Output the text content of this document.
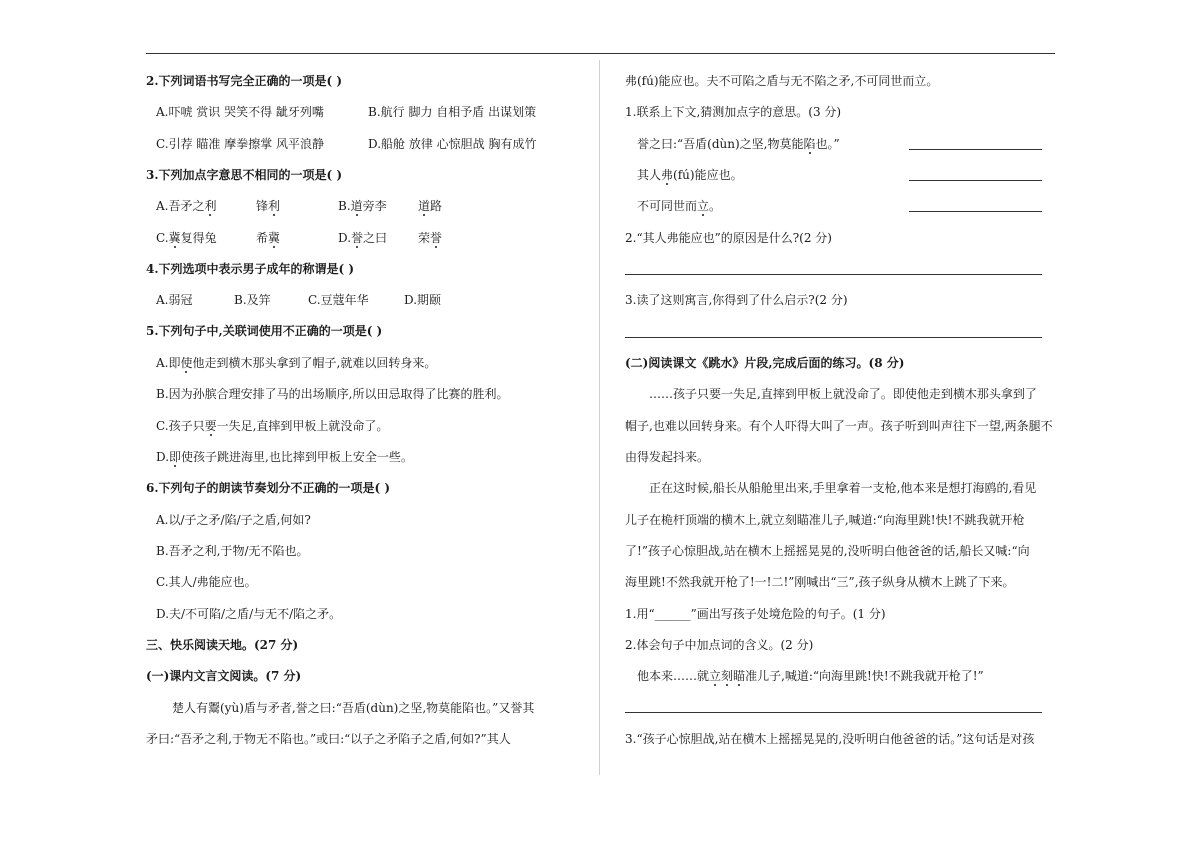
2.下列词语书写完全正确的一项是( )
A.吓唬 赏识 哭笑不得 龇牙列嘴	B.航行 脚力 自相予盾 出谋划策
C.引荐 瞄准 摩拳擦掌 风平浪静	D.船舱 放律 心惊胆战 胸有成竹
3.下列加点字意思不相同的一项是( )
A.吾矛之利	锋利	B.道旁李	道路
C.冀复得兔	希冀	D.誉之曰	荣誉
4.下列选项中表示男子成年的称谓是( )
A.弱冠	B.及笄	C.豆蔻年华	D.期颐
5.下列句子中,关联词使用不正确的一项是( )
A.即使他走到横木那头拿到了帽子,就难以回转身来。
B.因为孙膑合理安排了马的出场顺序,所以田忌取得了比赛的胜利。
C.孩子只要一失足,直摔到甲板上就没命了。
D.即使孩子跳进海里,也比摔到甲板上安全一些。
6.下列句子的朗读节奏划分不正确的一项是( )
A.以/子之矛/陷/子之盾,何如?
B.吾矛之利,于物/无不陷也。
C.其人/弗能应也。
D.夫/不可陷/之盾/与无不/陷之矛。
三、快乐阅读天地。(27 分)
(一)课内文言文阅读。(7 分)
楚人有鬻(yù)盾与矛者,誉之曰:“吾盾(dùn)之坚,物莫能陷也。”又誉其
矛曰:“吾矛之利,于物无不陷也。”或曰:“以子之矛陷子之盾,何如?”其人
弗(fú)能应也。夫不可陷之盾与无不陷之矛,不可同世而立。
1.联系上下文,猜测加点字的意思。(3 分)
誉之曰:“吾盾(dùn)之坚,物莫能陷也。”
其人弗(fú)能应也。
不可同世而立。
2.“其人弗能应也”的原因是什么?(2 分)
3.读了这则寓言,你得到了什么启示?(2 分)
(二)阅读课文《跳水》片段,完成后面的练习。(8 分)
……孩子只要一失足,直摔到甲板上就没命了。即使他走到横木那头拿到了
帽子,也难以回转身来。有个人吓得大叫了一声。孩子听到叫声往下一望,两条腿不
由得发起抖来。
正在这时候,船长从船舱里出来,手里拿着一支枪,他本来是想打海鸥的,看见
儿子在桅杆顶端的横木上,就立刻瞄准儿子,喊道:“向海里跳!快!不跳我就开枪
了!”孩子心惊胆战,站在横木上摇摇晃晃的,没听明白他爸爸的话,船长又喊:“向
海里跳!不然我就开枪了!一!二!”刚喊出“三”,孩子纵身从横木上跳了下来。
1.用“______”画出写孩子处境危险的句子。(1 分)
2.体会句子中加点词的含义。(2 分)
他本来……就立刻瞄准儿子,喊道:“向海里跳!快!不跳我就开枪了!”
3.“孩子心惊胆战,站在横木上摇摇晃晃的,没听明白他爸爸的话。”这句话是对孩
